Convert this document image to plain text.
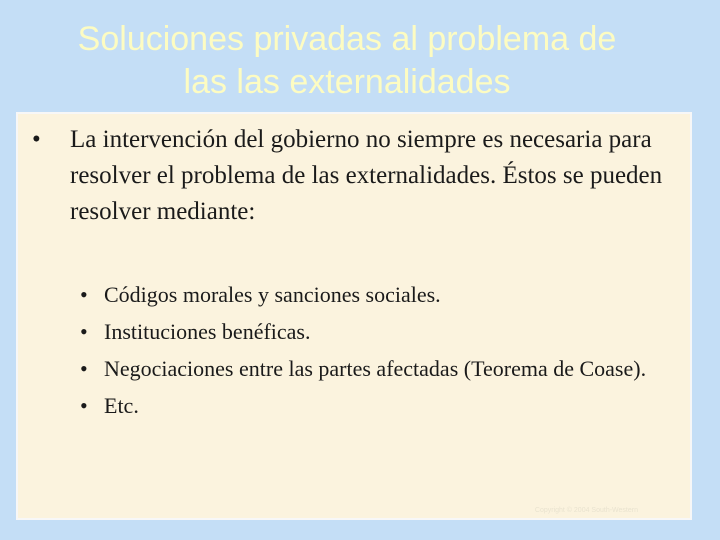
Soluciones privadas al problema de
las las externalidades
•	La intervención del gobierno no siempre es necesaria para resolver el problema de las externalidades. Éstos se pueden resolver mediante:
• Códigos morales y sanciones sociales.
• Instituciones benéficas.
• Negociaciones entre las partes afectadas (Teorema de Coase).
• Etc.
Copyright © 2004 South-Western
